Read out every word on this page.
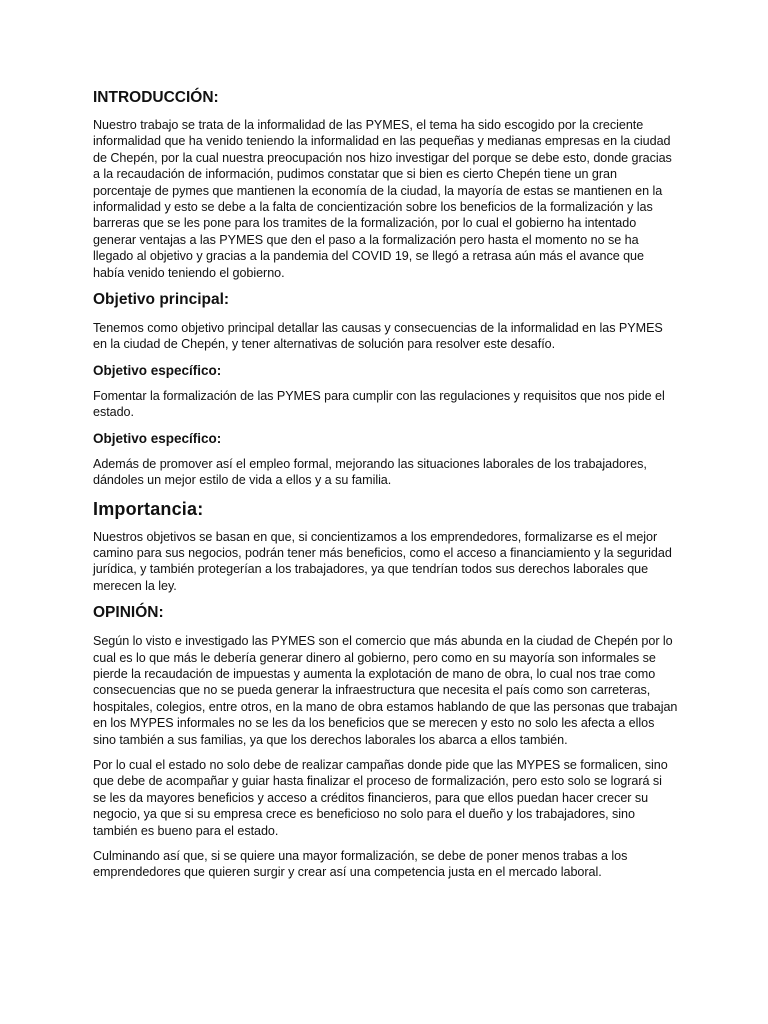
INTRODUCCIÓN:

Nuestro trabajo se trata de la informalidad de las PYMES, el tema ha sido escogido por la creciente informalidad que ha venido teniendo la informalidad en las pequeñas y medianas empresas en la ciudad de Chepén, por la cual nuestra preocupación nos hizo investigar del porque se debe esto, donde gracias a la recaudación de información, pudimos constatar que si bien es cierto Chepén tiene un gran porcentaje de pymes que mantienen la economía de la ciudad, la mayoría de estas se mantienen en la informalidad y esto se debe a la falta de concientización sobre los beneficios de la formalización y las barreras que se les pone para los tramites de la formalización, por lo cual el gobierno ha intentado generar ventajas a las PYMES que den el paso a la formalización pero hasta el momento no se ha llegado al objetivo y gracias a la pandemia del COVID 19, se llegó a retrasa aún más el avance que había venido teniendo el gobierno.

Objetivo principal:

Tenemos como objetivo principal detallar las causas y consecuencias de la informalidad en las PYMES en la ciudad de Chepén, y tener alternativas de solución para resolver este desafío.

Objetivo específico:

Fomentar la formalización de las PYMES para cumplir con las regulaciones y requisitos que nos pide el estado.

Objetivo específico:

Además de promover así el empleo formal, mejorando las situaciones laborales de los trabajadores, dándoles un mejor estilo de vida a ellos y a su familia.

Importancia:

Nuestros objetivos se basan en que, si concientizamos a los emprendedores, formalizarse es el mejor camino para sus negocios, podrán tener más beneficios, como el acceso a financiamiento y la seguridad jurídica, y también protegerían a los trabajadores, ya que tendrían todos sus derechos laborales que merecen la ley.

OPINIÓN:

Según lo visto e investigado las PYMES son el comercio que más abunda en la ciudad de Chepén por lo cual es lo que más le debería generar dinero al gobierno, pero como en su mayoría son informales se pierde la recaudación de impuestas y aumenta la explotación de mano de obra, lo cual nos trae como consecuencias que no se pueda generar la infraestructura que necesita el país como son carreteras, hospitales, colegios, entre otros, en la mano de obra estamos hablando de que las personas que trabajan en los MYPES informales no se les da los beneficios que se merecen y esto no solo les afecta a ellos sino también a sus familias, ya que los derechos laborales los abarca a ellos también.

Por lo cual el estado no solo debe de realizar campañas donde pide que las MYPES se formalicen, sino que debe de acompañar y guiar hasta finalizar el proceso de formalización, pero esto solo se logrará si se les da mayores beneficios y acceso a créditos financieros, para que ellos puedan hacer crecer su negocio, ya que si su empresa crece es beneficioso no solo para el dueño y los trabajadores, sino también es bueno para el estado.

Culminando así que, si se quiere una mayor formalización, se debe de poner menos trabas a los emprendedores que quieren surgir y crear así una competencia justa en el mercado laboral.
